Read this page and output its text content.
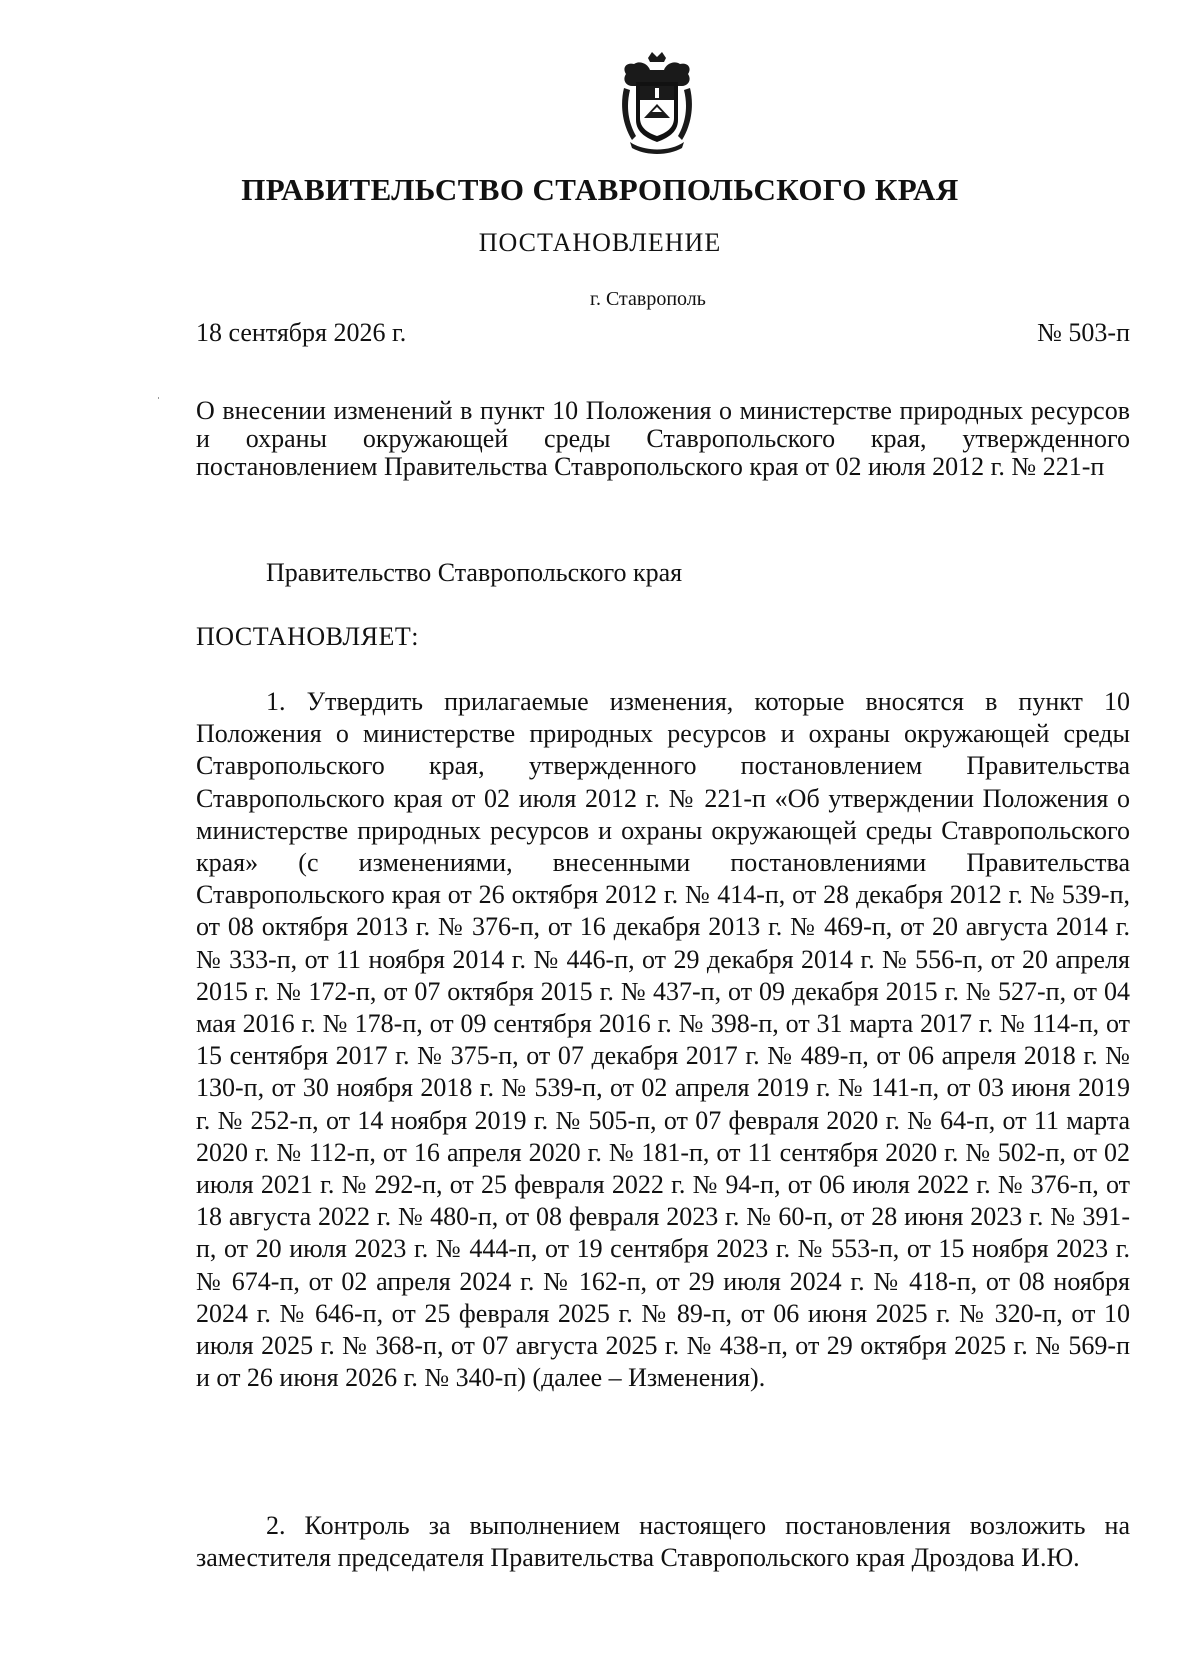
ПРАВИТЕЛЬСТВО СТАВРОПОЛЬСКОГО КРАЯ
ПОСТАНОВЛЕНИЕ
г. Ставрополь
18 сентября 2026 г.	№ 503-п
О внесении изменений в пункт 10 Положения о министерстве природных ресурсов и охраны окружающей среды Ставропольского края, утвержденного постановлением Правительства Ставропольского края от 02 июля 2012 г. № 221-п
Правительство Ставропольского края
ПОСТАНОВЛЯЕТ:
1. Утвердить прилагаемые изменения, которые вносятся в пункт 10 Положения о министерстве природных ресурсов и охраны окружающей среды Ставропольского края, утвержденного постановлением Правительства Ставропольского края от 02 июля 2012 г. № 221-п «Об утверждении Положения о министерстве природных ресурсов и охраны окружающей среды Ставропольского края» (с изменениями, внесенными постановлениями Правительства Ставропольского края от 26 октября 2012 г. № 414-п, от 28 декабря 2012 г. № 539-п, от 08 октября 2013 г. № 376-п, от 16 декабря 2013 г. № 469-п, от 20 августа 2014 г. № 333-п, от 11 ноября 2014 г. № 446-п, от 29 декабря 2014 г. № 556-п, от 20 апреля 2015 г. № 172-п, от 07 октября 2015 г. № 437-п, от 09 декабря 2015 г. № 527-п, от 04 мая 2016 г. № 178-п, от 09 сентября 2016 г. № 398-п, от 31 марта 2017 г. № 114-п, от 15 сентября 2017 г. № 375-п, от 07 декабря 2017 г. № 489-п, от 06 апреля 2018 г. № 130-п, от 30 ноября 2018 г. № 539-п, от 02 апреля 2019 г. № 141-п, от 03 июня 2019 г. № 252-п, от 14 ноября 2019 г. № 505-п, от 07 февраля 2020 г. № 64-п, от 11 марта 2020 г. № 112-п, от 16 апреля 2020 г. № 181-п, от 11 сентября 2020 г. № 502-п, от 02 июля 2021 г. № 292-п, от 25 февраля 2022 г. № 94-п, от 06 июля 2022 г. № 376-п, от 18 августа 2022 г. № 480-п, от 08 февраля 2023 г. № 60-п, от 28 июня 2023 г. № 391-п, от 20 июля 2023 г. № 444-п, от 19 сентября 2023 г. № 553-п, от 15 ноября 2023 г. № 674-п, от 02 апреля 2024 г. № 162-п, от 29 июля 2024 г. № 418-п, от 08 ноября 2024 г. № 646-п, от 25 февраля 2025 г. № 89-п, от 06 июня 2025 г. № 320-п, от 10 июля 2025 г. № 368-п, от 07 августа 2025 г. № 438-п, от 29 октября 2025 г. № 569-п и от 26 июня 2026 г. № 340-п) (далее – Изменения).
2. Контроль за выполнением настоящего постановления возложить на заместителя председателя Правительства Ставропольского края Дроздова И.Ю.
